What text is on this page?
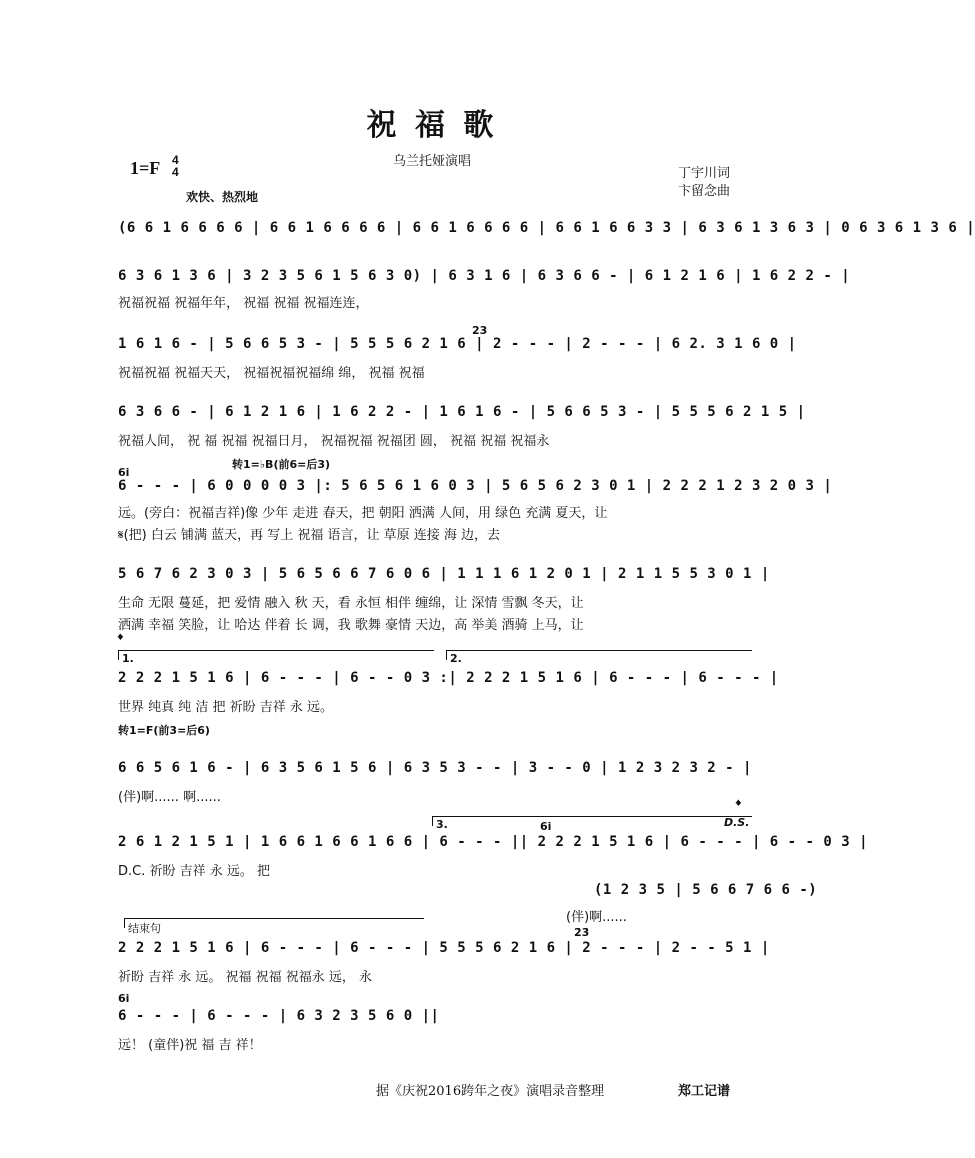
祝 福 歌
1=F 4
4
乌兰托娅演唱
丁宇川词
卞留念曲
欢快、热烈地
(6 6 1 6 6 6 6 | 6 6 1 6 6 6 6 | 6 6 1 6 6 6 6 | 6 6 1 6 6 3 3 | 6 3 6 1 3 6 3 | 0 6 3 6 1 3 6 |
6 3 6 1 3 6 | 3 2 3 5 6 1 5 6 3 0) | 6 3 1 6 | 6 3 6 6 - | 6 1 2 1 6 | 1 6 2 2 - |
祝福祝福 祝福年年， 祝福 祝福 祝福连连，
23
1 6 1 6 - | 5 6 6 5 3 - | 5 5 5 6 2 1 6 | 2 - - - | 2 - - - | 6 2. 3 1 6 0 |
祝福祝福 祝福天天， 祝福祝福祝福绵 绵， 祝福 祝福
6 3 6 6 - | 6 1 2 1 6 | 1 6 2 2 - | 1 6 1 6 - | 5 6 6 5 3 - | 5 5 5 6 2 1 5 |
祝福人间， 祝 福 祝福 祝福日月， 祝福祝福 祝福团 圆， 祝福 祝福 祝福永
转1=♭B(前6=后3)
6i
6 - - - | 6 0 0 0 0 3 |: 5 6 5 6 1 6 0 3 | 5 6 5 6 2 3 0 1 | 2 2 2 1 2 3 2 0 3 |
远。(旁白：祝福吉祥)像 少年 走进 春天，把 朝阳 洒满 人间，用 绿色 充满 夏天，让
𝄋(把) 白云 铺满 蓝天，再 写上 祝福 语言，让 草原 连接 海 边，去
5 6 7 6 2 3 0 3 | 5 6 5 6 6 7 6 0 6 | 1 1 1 6 1 2 0 1 | 2 1 1 5 5 3 0 1 |
生命 无限 蔓延，把 爱情 融入 秋 天，看 永恒 相伴 缠绵，让 深情 雪飘 冬天，让
洒满 幸福 笑脸，让 哈达 伴着 长 调，我 歌舞 豪情 天边，高 举美 酒骑 上马，让
𝄌
1.	2.
2 2 2 1 5 1 6 | 6 - - - | 6 - - 0 3 :| 2 2 2 1 5 1 6 | 6 - - - | 6 - - - |
世界 纯真 纯 洁 把 祈盼 吉祥 永 远。
转1=F(前3=后6)
6 6 5 6 1 6 - | 6 3 5 6 1 5 6 | 6 3 5 3 - - | 3 - - 0 | 1 2 3 2 3 2 - |
(伴)啊...... 啊......
3.
𝄌
D.S.
6i
2 6 1 2 1 5 1 | 1 6 6 1 6 6 1 6 6 | 6 - - - || 2 2 2 1 5 1 6 | 6 - - - | 6 - - 0 3 |
D.C. 祈盼 吉祥 永 远。 把
(1 2 3 5 | 5 6 6 7 6 6 -)
(伴)啊......
结束句	2̇3̇
2 2 2 1 5 1 6 | 6 - - - | 6 - - - | 5 5 5 6 2 1 6 | 2 - - - | 2 - - 5 1 |
祈盼 吉祥 永 远。 祝福 祝福 祝福永 远， 永
6i
6 - - - | 6 - - - | 6 3 2 3 5 6 0 ||
远！ (童伴)祝 福 吉 祥！
据《庆祝2016跨年之夜》演唱录音整理	郑工记谱
